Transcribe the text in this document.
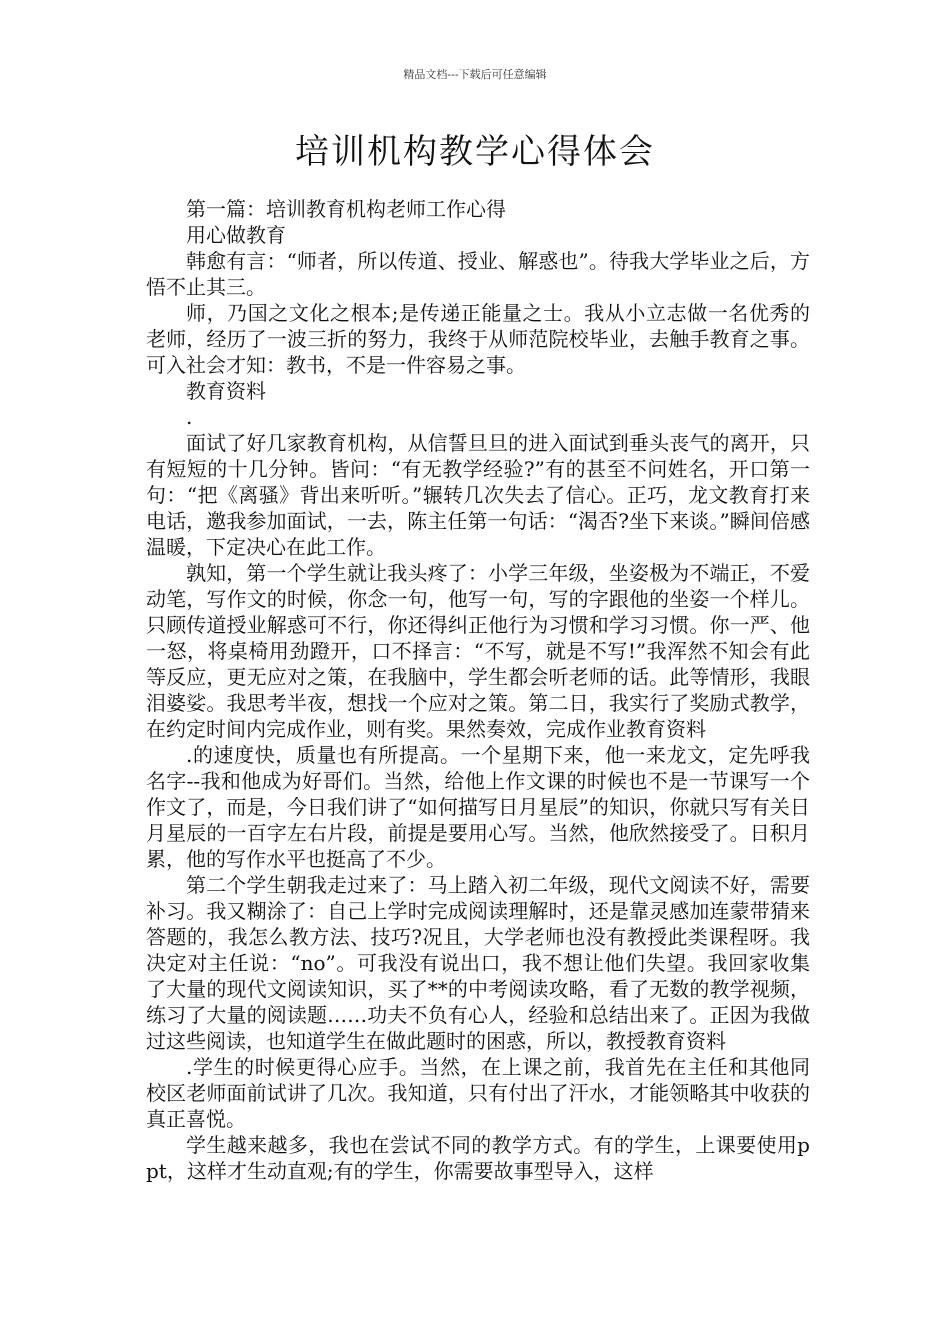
精品文档---下载后可任意编辑
培训机构教学心得体会

第一篇：培训教育机构老师工作心得

用心做教育

韩愈有言：“师者，所以传道、授业、解惑也”。待我大学毕业之后，方悟不止其三。

师，乃国之文化之根本;是传递正能量之士。我从小立志做一名优秀的老师，经历了一波三折的努力，我终于从师范院校毕业，去触手教育之事。可入社会才知：教书，不是一件容易之事。

教育资料

.

面试了好几家教育机构，从信誓旦旦的进入面试到垂头丧气的离开，只有短短的十几分钟。皆问：“有无教学经验?”有的甚至不问姓名，开口第一句：“把《离骚》背出来听听。”辗转几次失去了信心。正巧，龙文教育打来电话，邀我参加面试，一去，陈主任第一句话：“渴否?坐下来谈。”瞬间倍感温暖，下定决心在此工作。

孰知，第一个学生就让我头疼了：小学三年级，坐姿极为不端正，不爱动笔，写作文的时候，你念一句，他写一句，写的字跟他的坐姿一个样儿。只顾传道授业解惑可不行，你还得纠正他行为习惯和学习习惯。你一严、他一怒，将桌椅用劲蹬开，口不择言：“不写，就是不写!”我浑然不知会有此等反应，更无应对之策，在我脑中，学生都会听老师的话。此等情形，我眼泪婆娑。我思考半夜，想找一个应对之策。第二日，我实行了奖励式教学，在约定时间内完成作业，则有奖。果然奏效，完成作业教育资料

.的速度快，质量也有所提高。一个星期下来，他一来龙文，定先呼我名字--我和他成为好哥们。当然，给他上作文课的时候也不是一节课写一个作文了，而是，今日我们讲了“如何描写日月星辰”的知识，你就只写有关日月星辰的一百字左右片段，前提是要用心写。当然，他欣然接受了。日积月累，他的写作水平也挺高了不少。

第二个学生朝我走过来了：马上踏入初二年级，现代文阅读不好，需要补习。我又糊涂了：自己上学时完成阅读理解时，还是靠灵感加连蒙带猜来答题的，我怎么教方法、技巧?况且，大学老师也没有教授此类课程呀。我决定对主任说：“no”。可我没有说出口，我不想让他们失望。我回家收集了大量的现代文阅读知识，买了**的中考阅读攻略，看了无数的教学视频，练习了大量的阅读题……功夫不负有心人，经验和总结出来了。正因为我做过这些阅读，也知道学生在做此题时的困惑，所以，教授教育资料

.学生的时候更得心应手。当然，在上课之前，我首先在主任和其他同校区老师面前试讲了几次。我知道，只有付出了汗水，才能领略其中收获的真正喜悦。

学生越来越多，我也在尝试不同的教学方式。有的学生，上课要使用ppt，这样才生动直观;有的学生，你需要故事型导入，这样
